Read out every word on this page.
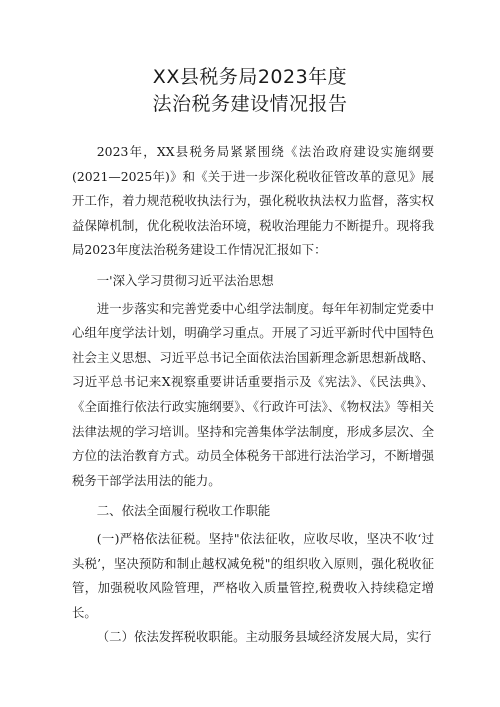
XX县税务局2023年度
法治税务建设情况报告

2023年，XX县税务局紧紧围绕《法治政府建设实施纲要(2021—2025年)》和《关于进一步深化税收征管改革的意见》展开工作，着力规范税收执法行为，强化税收执法权力监督，落实权益保障机制，优化税收法治环境，税收治理能力不断提升。现将我局2023年度法治税务建设工作情况汇报如下：

一'深入学习贯彻习近平法治思想

进一步落实和完善党委中心组学法制度。每年年初制定党委中心组年度学法计划，明确学习重点。开展了习近平新时代中国特色社会主义思想、习近平总书记全面依法治国新理念新思想新战略、习近平总书记来X视察重要讲话重要指示及《宪法》、《民法典》、《全面推行依法行政实施纲要》、《行政许可法》、《物权法》等相关法律法规的学习培训。坚持和完善集体学法制度，形成多层次、全方位的法治教育方式。动员全体税务干部进行法治学习，不断增强税务干部学法用法的能力。

二、依法全面履行税收工作职能

(一)严格依法征税。坚持"依法征收，应收尽收，坚决不收‘过头税’，坚决预防和制止越权减免税"的组织收入原则，强化税收征管，加强税收风险管理，严格收入质量管控,税费收入持续稳定增长。

（二）依法发挥税收职能。主动服务县域经济发展大局，实行
